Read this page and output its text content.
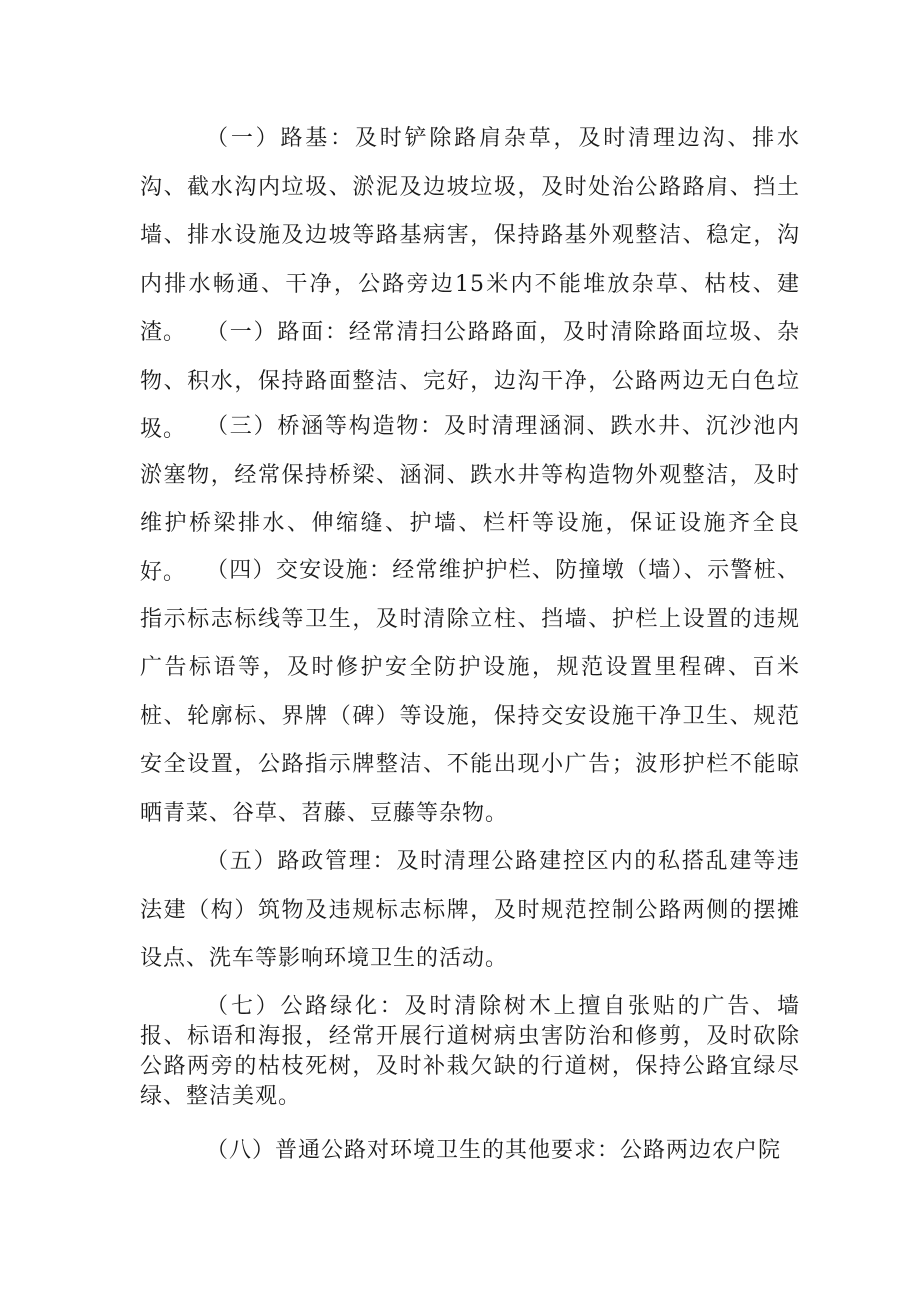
（一）路基：及时铲除路肩杂草，及时清理边沟、排水沟、截水沟内垃圾、淤泥及边坡垃圾，及时处治公路路肩、挡土墙、排水设施及边坡等路基病害，保持路基外观整洁、稳定，沟内排水畅通、干净，公路旁边15米内不能堆放杂草、枯枝、建渣。 （一）路面：经常清扫公路路面，及时清除路面垃圾、杂物、积水，保持路面整洁、完好，边沟干净，公路两边无白色垃圾。 （三）桥涵等构造物：及时清理涵洞、跌水井、沉沙池内淤塞物，经常保持桥梁、涵洞、跌水井等构造物外观整洁，及时维护桥梁排水、伸缩缝、护墙、栏杆等设施，保证设施齐全良好。 （四）交安设施：经常维护护栏、防撞墩（墙）、示警桩、指示标志标线等卫生，及时清除立柱、挡墙、护栏上设置的违规广告标语等，及时修护安全防护设施，规范设置里程碑、百米桩、轮廓标、界牌（碑）等设施，保持交安设施干净卫生、规范安全设置，公路指示牌整洁、不能出现小广告；波形护栏不能晾晒青菜、谷草、苕藤、豆藤等杂物。

（五）路政管理：及时清理公路建控区内的私搭乱建等违法建（构）筑物及违规标志标牌，及时规范控制公路两侧的摆摊设点、洗车等影响环境卫生的活动。

（七）公路绿化：及时清除树木上擅自张贴的广告、墙报、标语和海报，经常开展行道树病虫害防治和修剪，及时砍除公路两旁的枯枝死树，及时补栽欠缺的行道树，保持公路宜绿尽绿、整洁美观。

（八）普通公路对环境卫生的其他要求：公路两边农户院
